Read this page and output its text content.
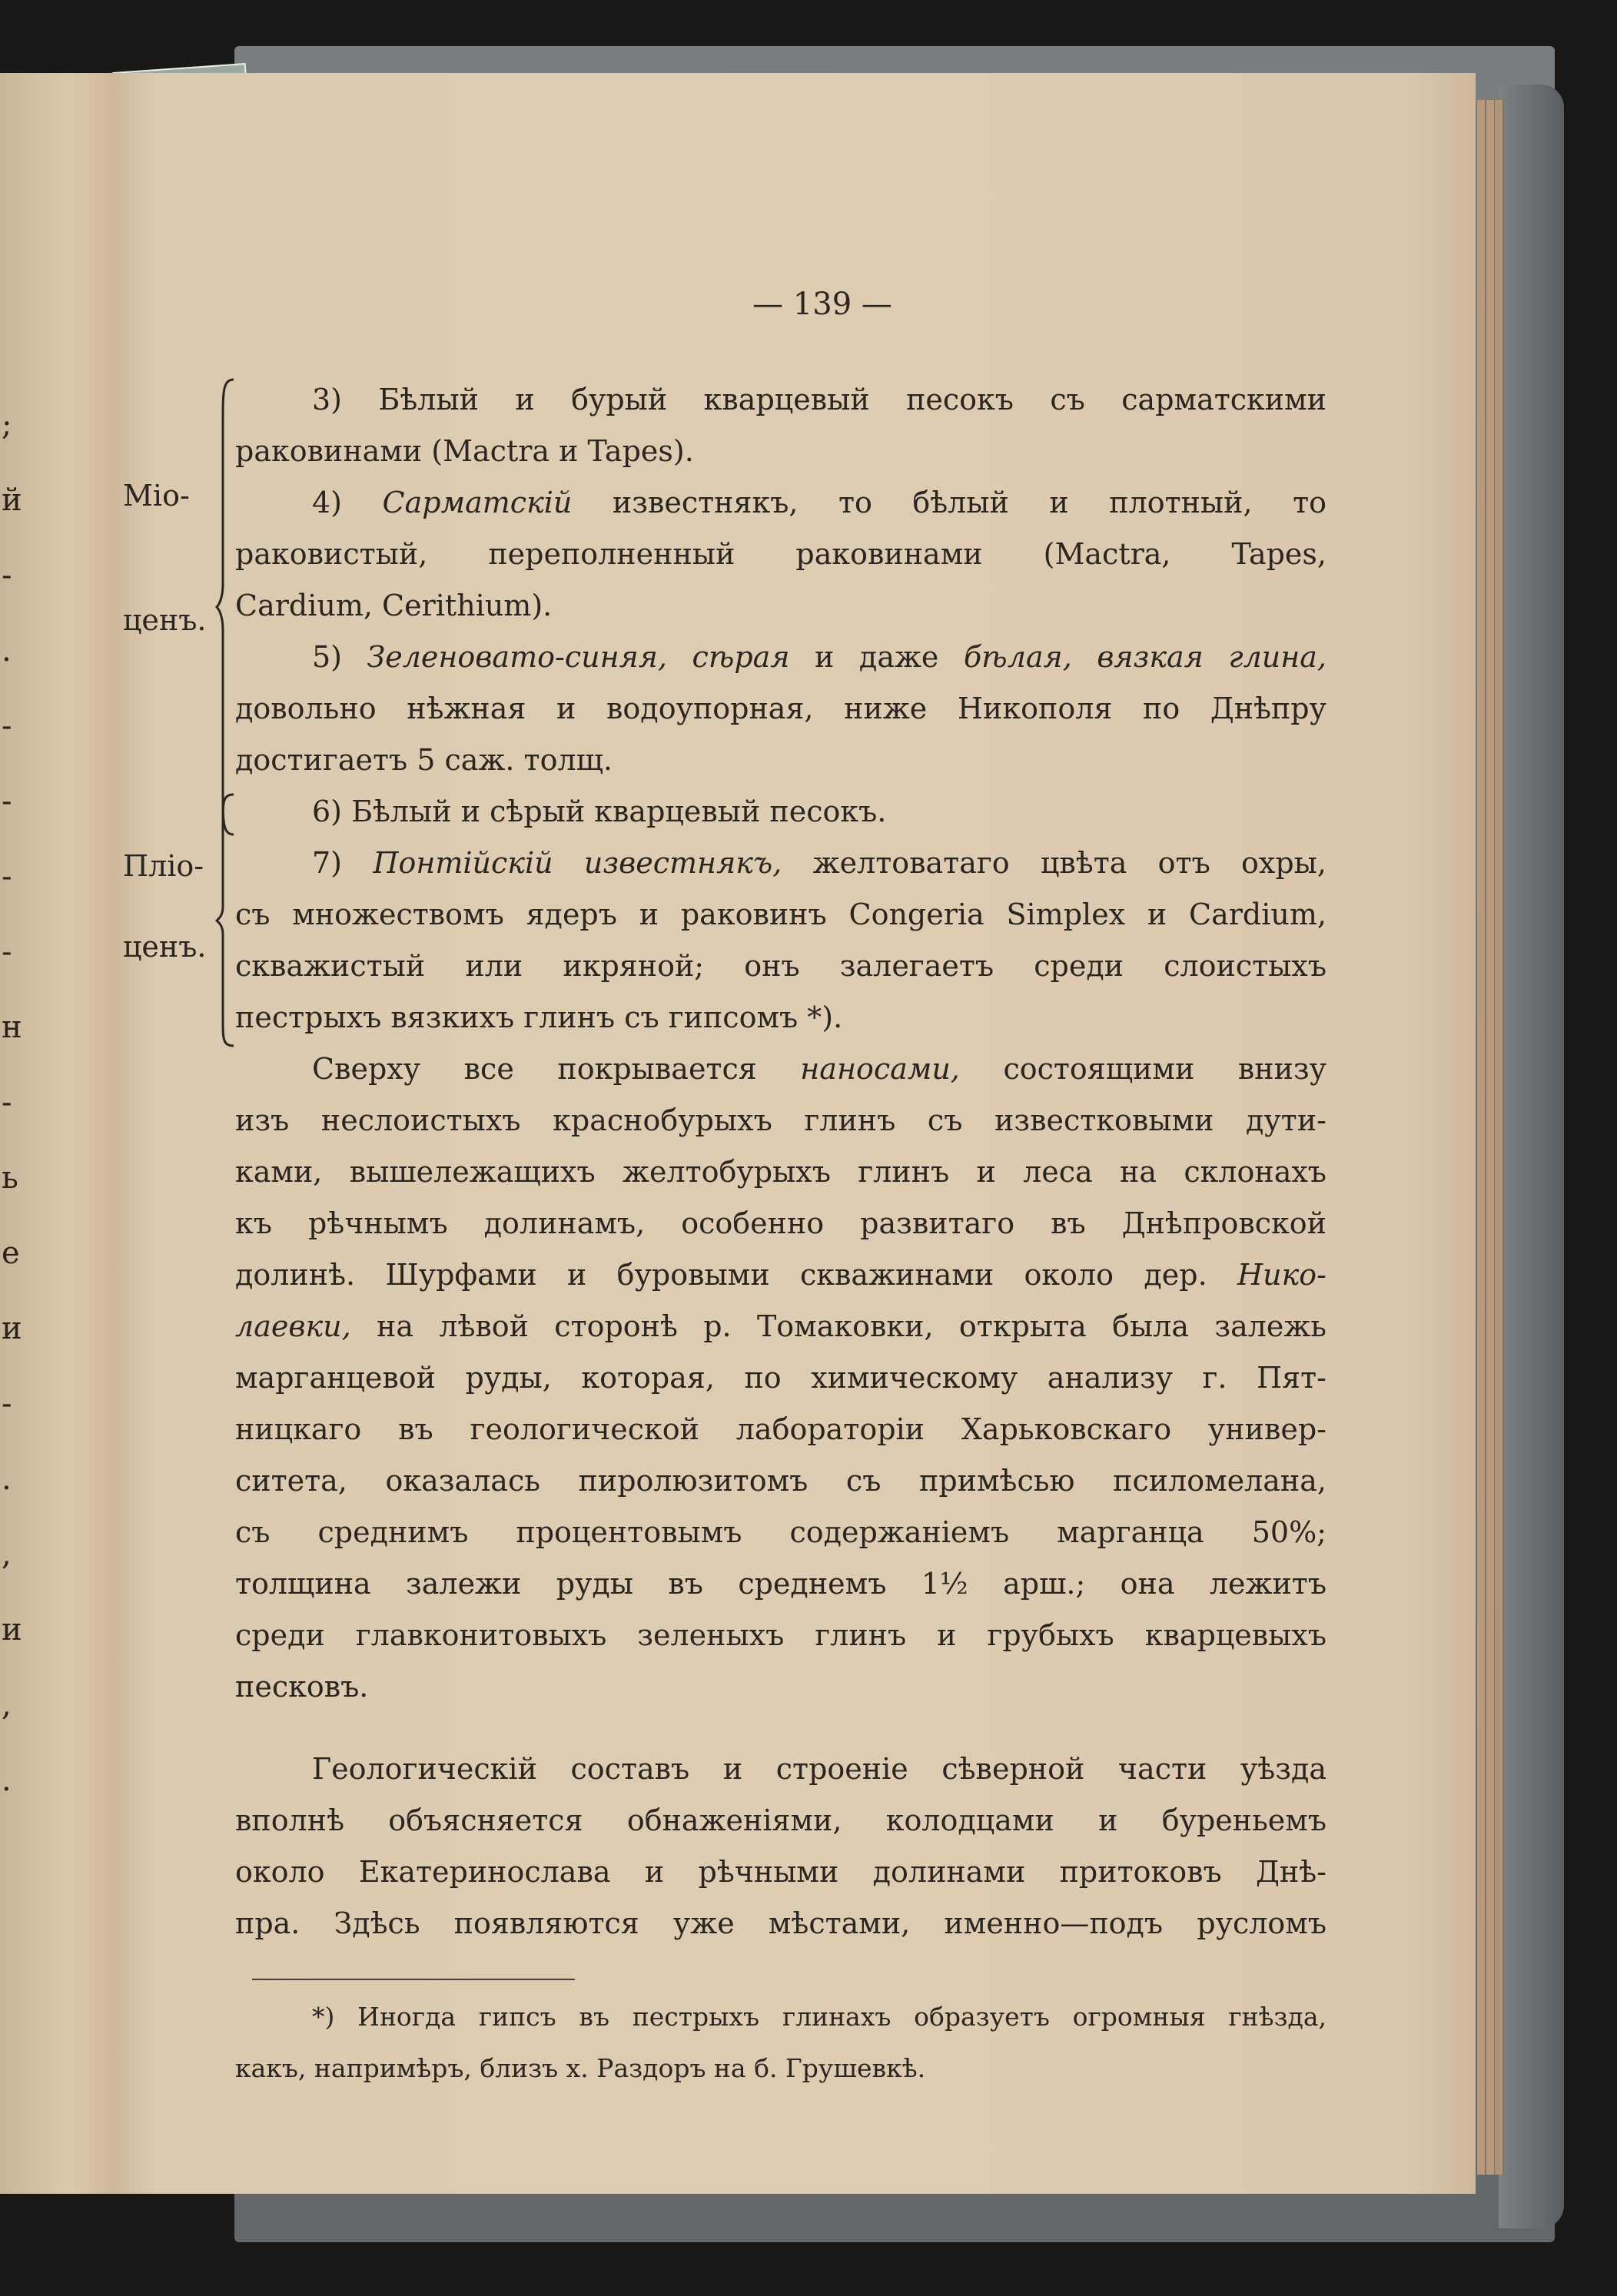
;
й
-
.
-
-
-
-
н
-
ь
е
и
-
.
,
и
,
.
— 139 —
Міо-
ценъ.
Пліо-
ценъ.
3) Бѣлый и бурый кварцевый песокъ съ сарматскими
раковинами (Mactra и Tapes).
4) Сарматскій известнякъ, то бѣлый и плотный, то
раковистый, переполненный раковинами (Mactra, Tapes,
Cardium, Cerithium).
5) Зеленовато-синяя, сѣрая и даже бѣлая, вязкая глина,
довольно нѣжная и водоупорная, ниже Никополя по Днѣпру
достигаетъ 5 саж. толщ.
6) Бѣлый и сѣрый кварцевый песокъ.
7) Понтійскій известнякъ, желтоватаго цвѣта отъ охры,
съ множествомъ ядеръ и раковинъ Congeria Simplex и Cardium,
скважистый или икряной; онъ залегаетъ среди слоистыхъ
пестрыхъ вязкихъ глинъ съ гипсомъ *).
Сверху все покрывается наносами, состоящими внизу
изъ неслоистыхъ краснобурыхъ глинъ съ известковыми дути-
ками, вышележащихъ желтобурыхъ глинъ и леса на склонахъ
къ рѣчнымъ долинамъ, особенно развитаго въ Днѣпровской
долинѣ. Шурфами и буровыми скважинами около дер. Нико-
лаевки, на лѣвой сторонѣ р. Томаковки, открыта была залежь
марганцевой руды, которая, по химическому анализу г. Пят-
ницкаго въ геологической лабораторіи Харьковскаго универ-
ситета, оказалась пиролюзитомъ съ примѣсью псиломелана,
съ среднимъ процентовымъ содержаніемъ марганца 50%;
толщина залежи руды въ среднемъ 1½ арш.; она лежитъ
среди главконитовыхъ зеленыхъ глинъ и грубыхъ кварцевыхъ
песковъ.
Геологическій составъ и строеніе сѣверной части уѣзда
вполнѣ объясняется обнаженіями, колодцами и буреньемъ
около Екатеринослава и рѣчными долинами притоковъ Днѣ-
пра. Здѣсь появляются уже мѣстами, именно—подъ русломъ
*) Иногда гипсъ въ пестрыхъ глинахъ образуетъ огромныя гнѣзда,
какъ, напримѣръ, близъ х. Раздоръ на б. Грушевкѣ.
